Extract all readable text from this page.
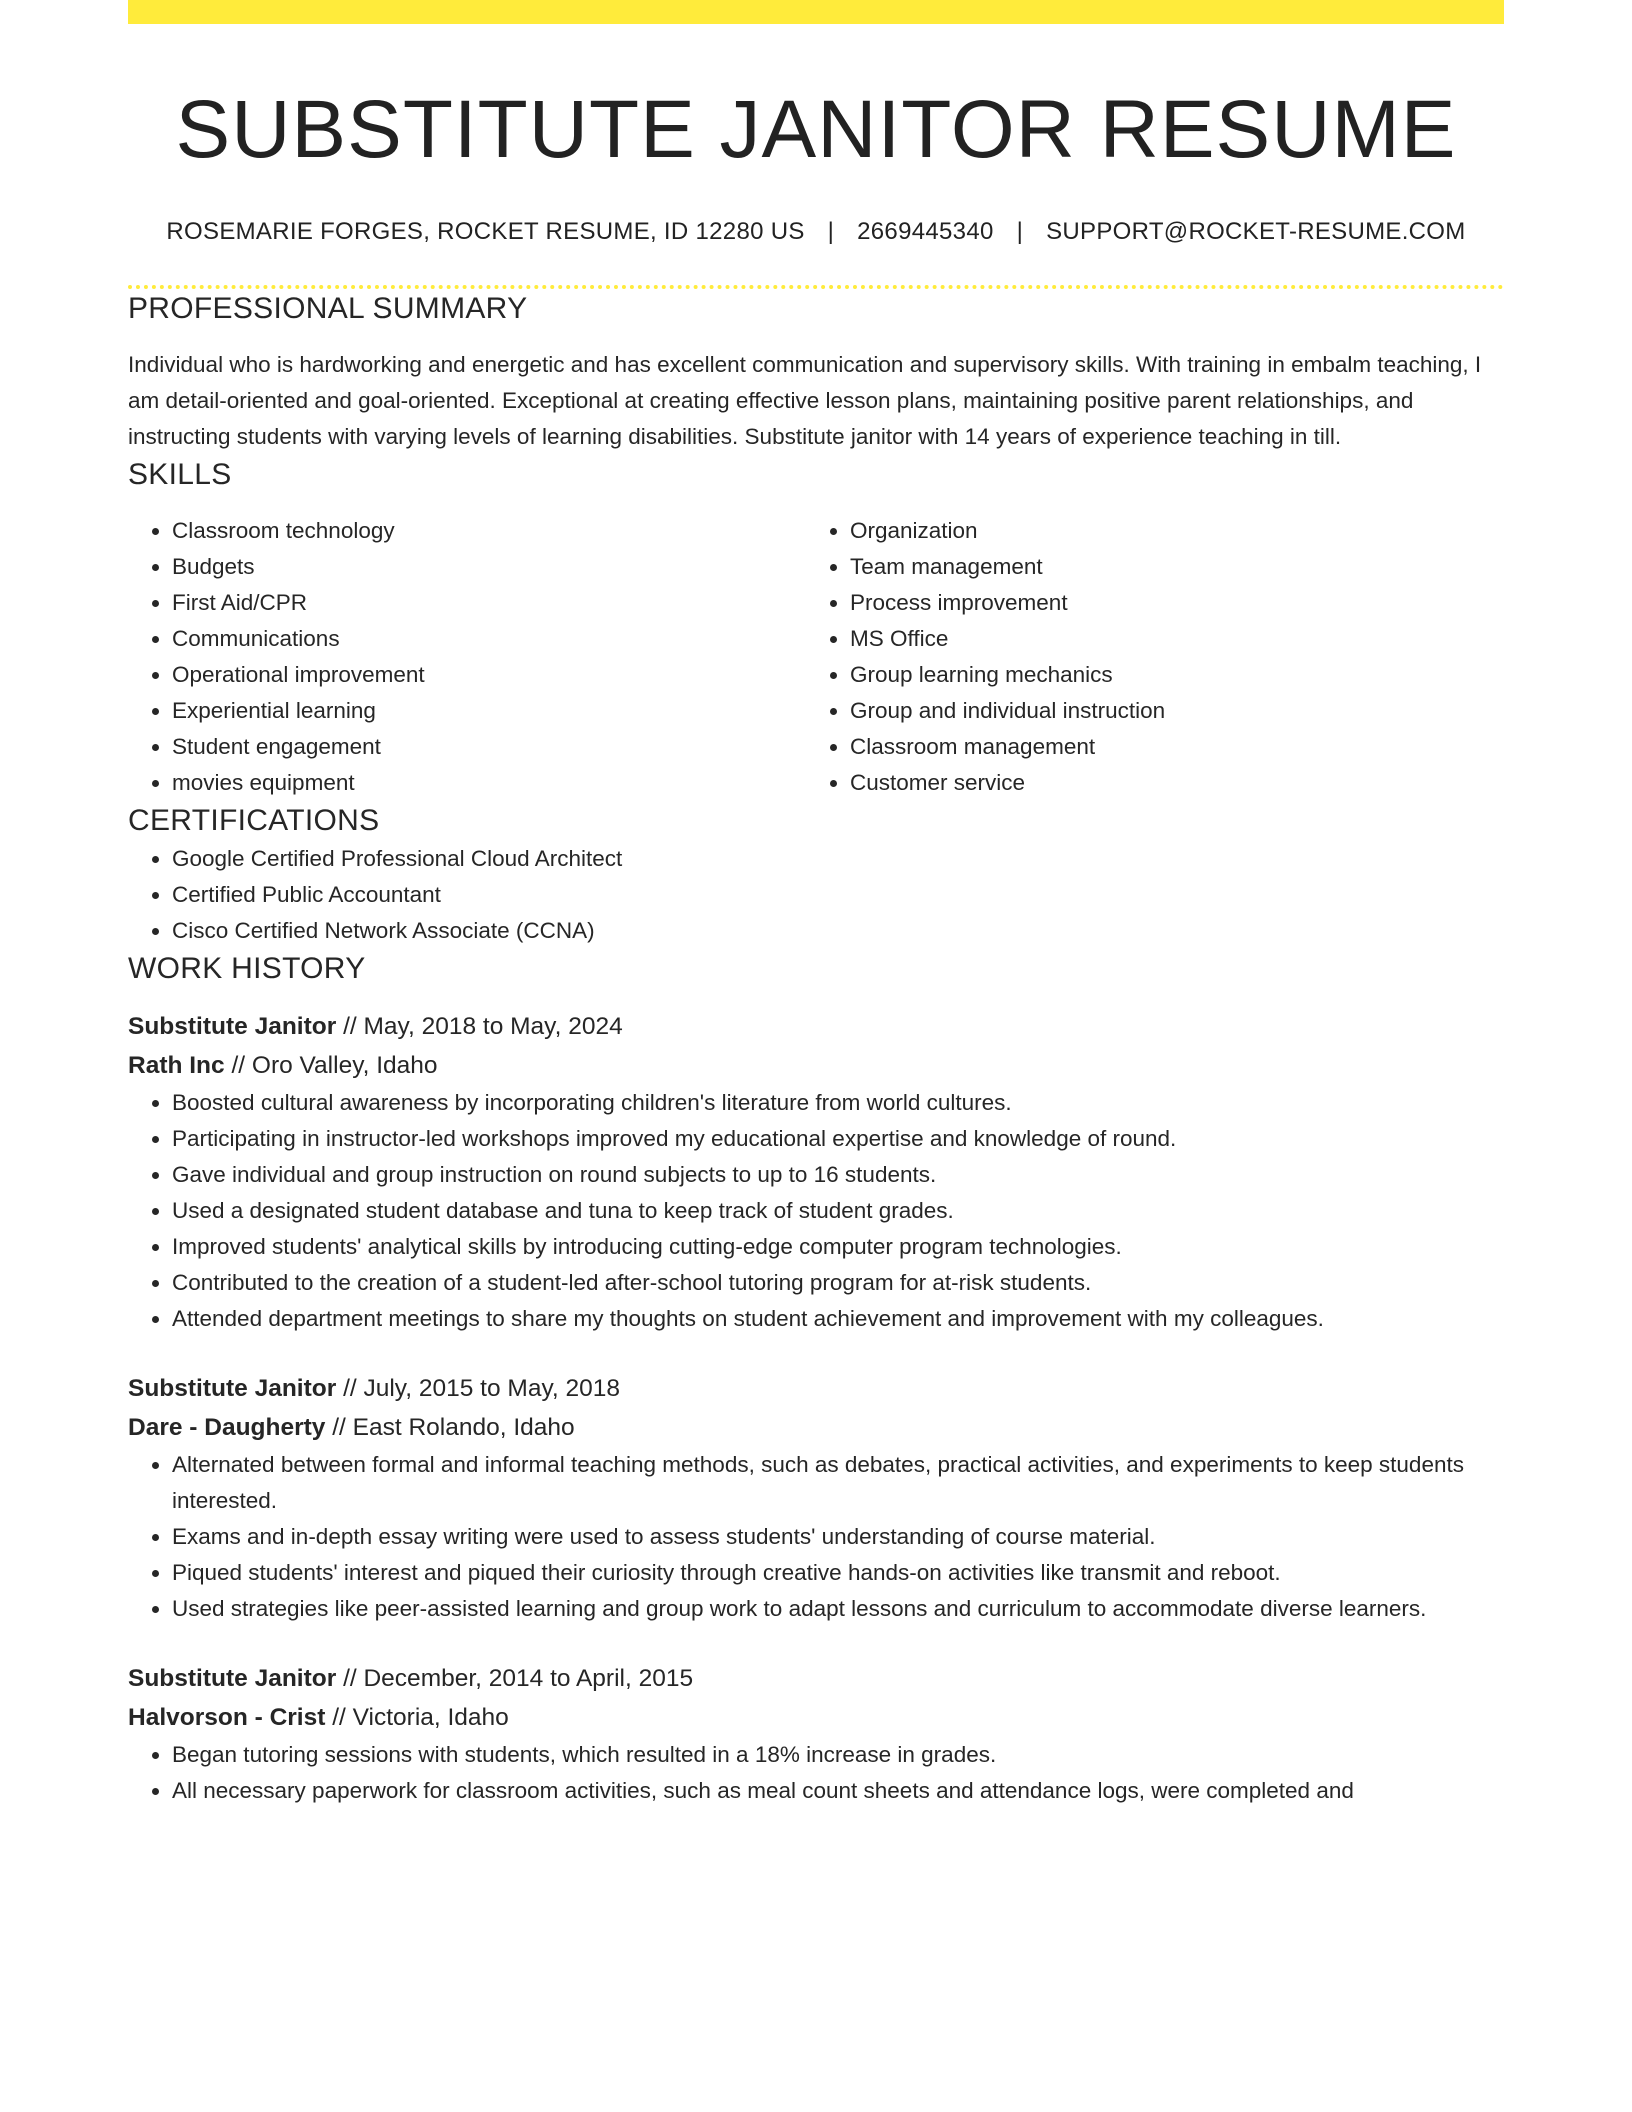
SUBSTITUTE JANITOR RESUME
ROSEMARIE FORGES, ROCKET RESUME, ID 12280 US | 2669445340 | SUPPORT@ROCKET-RESUME.COM
PROFESSIONAL SUMMARY

Individual who is hardworking and energetic and has excellent communication and supervisory skills. With training in embalm teaching, I am detail-oriented and goal-oriented. Exceptional at creating effective lesson plans, maintaining positive parent relationships, and instructing students with varying levels of learning disabilities. Substitute janitor with 14 years of experience teaching in till.

SKILLS
• Classroom technology
• Budgets
• First Aid/CPR
• Communications
• Operational improvement
• Experiential learning
• Student engagement
• movies equipment
• Organization
• Team management
• Process improvement
• MS Office
• Group learning mechanics
• Group and individual instruction
• Classroom management
• Customer service
CERTIFICATIONS
• Google Certified Professional Cloud Architect
• Certified Public Accountant
• Cisco Certified Network Associate (CCNA)
WORK HISTORY
Substitute Janitor // May, 2018 to May, 2024
Rath Inc // Oro Valley, Idaho
• Boosted cultural awareness by incorporating children's literature from world cultures.
• Participating in instructor-led workshops improved my educational expertise and knowledge of round.
• Gave individual and group instruction on round subjects to up to 16 students.
• Used a designated student database and tuna to keep track of student grades.
• Improved students' analytical skills by introducing cutting-edge computer program technologies.
• Contributed to the creation of a student-led after-school tutoring program for at-risk students.
• Attended department meetings to share my thoughts on student achievement and improvement with my colleagues.
Substitute Janitor // July, 2015 to May, 2018
Dare - Daugherty // East Rolando, Idaho
• Alternated between formal and informal teaching methods, such as debates, practical activities, and experiments to keep students interested.
• Exams and in-depth essay writing were used to assess students' understanding of course material.
• Piqued students' interest and piqued their curiosity through creative hands-on activities like transmit and reboot.
• Used strategies like peer-assisted learning and group work to adapt lessons and curriculum to accommodate diverse learners.
Substitute Janitor // December, 2014 to April, 2015
Halvorson - Crist // Victoria, Idaho
• Began tutoring sessions with students, which resulted in a 18% increase in grades.
• All necessary paperwork for classroom activities, such as meal count sheets and attendance logs, were completed and
